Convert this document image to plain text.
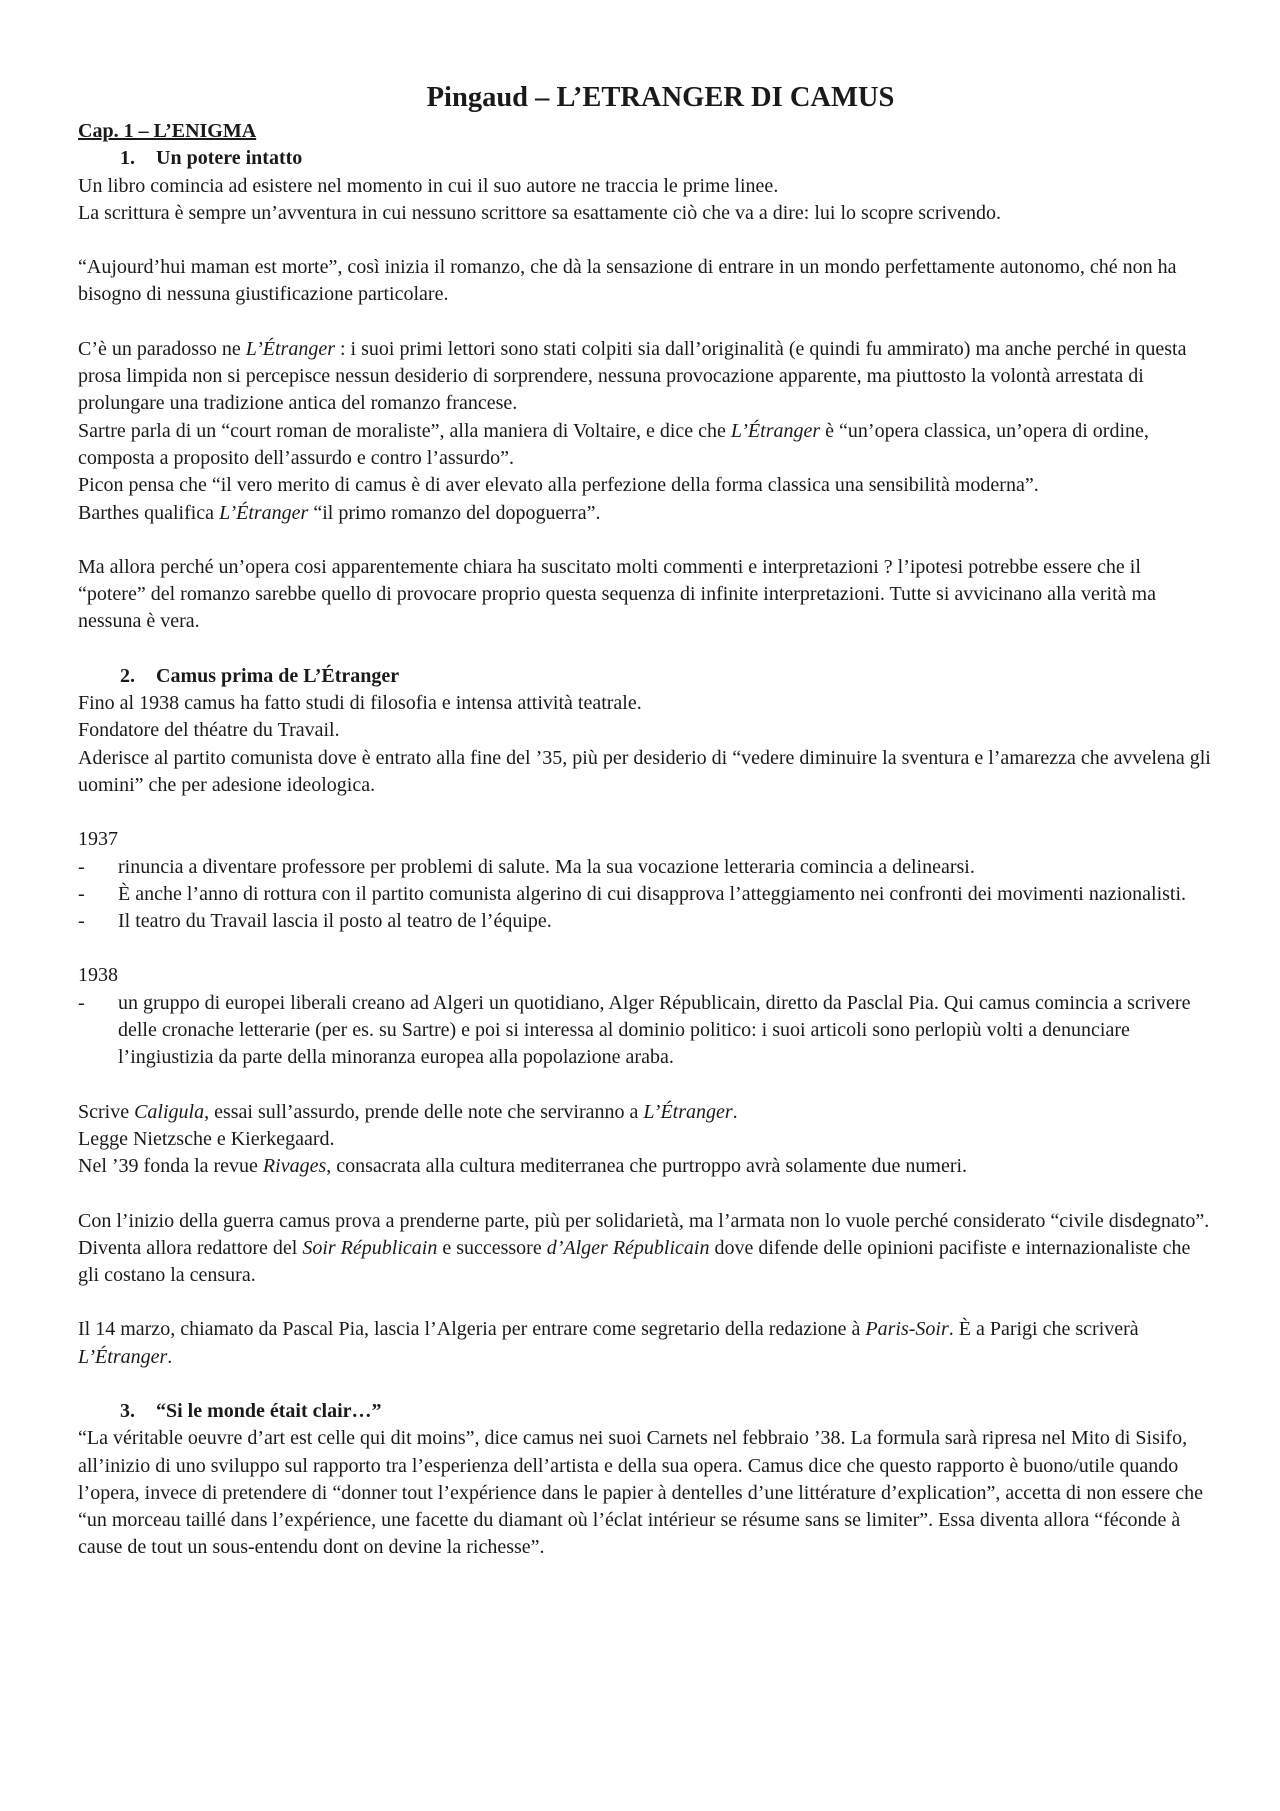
Pingaud – L’ETRANGER DI CAMUS

Cap. 1 – L’ENIGMA

1. Un potere intatto

Un libro comincia ad esistere nel momento in cui il suo autore ne traccia le prime linee.

La scrittura è sempre un’avventura in cui nessuno scrittore sa esattamente ciò che va a dire: lui lo scopre scrivendo.

“Aujourd’hui maman est morte”, così inizia il romanzo, che dà la sensazione di entrare in un mondo perfettamente autonomo, ché non ha bisogno di nessuna giustificazione particolare.

C’è un paradosso ne L’Étranger : i suoi primi lettori sono stati colpiti sia dall’originalità (e quindi fu ammirato) ma anche perché in questa prosa limpida non si percepisce nessun desiderio di sorprendere, nessuna provocazione apparente, ma piuttosto la volontà arrestata di prolungare una tradizione antica del romanzo francese.

Sartre parla di un “court roman de moraliste”, alla maniera di Voltaire, e dice che L’Étranger è “un’opera classica, un’opera di ordine, composta a proposito dell’assurdo e contro l’assurdo”.

Picon pensa che “il vero merito di camus è di aver elevato alla perfezione della forma classica una sensibilità moderna”.

Barthes qualifica L’Étranger “il primo romanzo del dopoguerra”.

Ma allora perché un’opera cosi apparentemente chiara ha suscitato molti commenti e interpretazioni ? l’ipotesi potrebbe essere che il “potere” del romanzo sarebbe quello di provocare proprio questa sequenza di infinite interpretazioni. Tutte si avvicinano alla verità ma nessuna è vera.

2. Camus prima de L’Étranger

Fino al 1938 camus ha fatto studi di filosofia e intensa attività teatrale.

Fondatore del théatre du Travail.

Aderisce al partito comunista dove è entrato alla fine del ’35, più per desiderio di “vedere diminuire la sventura e l’amarezza che avvelena gli uomini” che per adesione ideologica.

1937

-	rinuncia a diventare professore per problemi di salute. Ma la sua vocazione letteraria comincia a delinearsi.
-	È anche l’anno di rottura con il partito comunista algerino di cui disapprova l’atteggiamento nei confronti dei movimenti nazionalisti.
-	Il teatro du Travail lascia il posto al teatro de l’équipe.

1938

-	un gruppo di europei liberali creano ad Algeri un quotidiano, Alger Républicain, diretto da Pasclal Pia. Qui camus comincia a scrivere delle cronache letterarie (per es. su Sartre) e poi si interessa al dominio politico: i suoi articoli sono perlopiù volti a denunciare l’ingiustizia da parte della minoranza europea alla popolazione araba.

Scrive Caligula, essai sull’assurdo, prende delle note che serviranno a L’Étranger.

Legge Nietzsche e Kierkegaard.

Nel ’39 fonda la revue Rivages, consacrata alla cultura mediterranea che purtroppo avrà solamente due numeri.

Con l’inizio della guerra camus prova a prenderne parte, più per solidarietà, ma l’armata non lo vuole perché considerato “civile disdegnato”.

Diventa allora redattore del Soir Républicain e successore d’Alger Républicain dove difende delle opinioni pacifiste e internazionaliste che gli costano la censura.

Il 14 marzo, chiamato da Pascal Pia, lascia l’Algeria per entrare come segretario della redazione à Paris-Soir. È a Parigi che scriverà L’Étranger.

3. “Si le monde était clair…”

“La véritable oeuvre d’art est celle qui dit moins”, dice camus nei suoi Carnets nel febbraio ’38. La formula sarà ripresa nel Mito di Sisifo, all’inizio di uno sviluppo sul rapporto tra l’esperienza dell’artista e della sua opera. Camus dice che questo rapporto è buono/utile quando l’opera, invece di pretendere di “donner tout l’expérience dans le papier à dentelles d’une littérature d’explication”, accetta di non essere che “un morceau taillé dans l’expérience, une facette du diamant où l’éclat intérieur se résume sans se limiter”. Essa diventa allora “féconde à cause de tout un sous-entendu dont on devine la richesse”.
